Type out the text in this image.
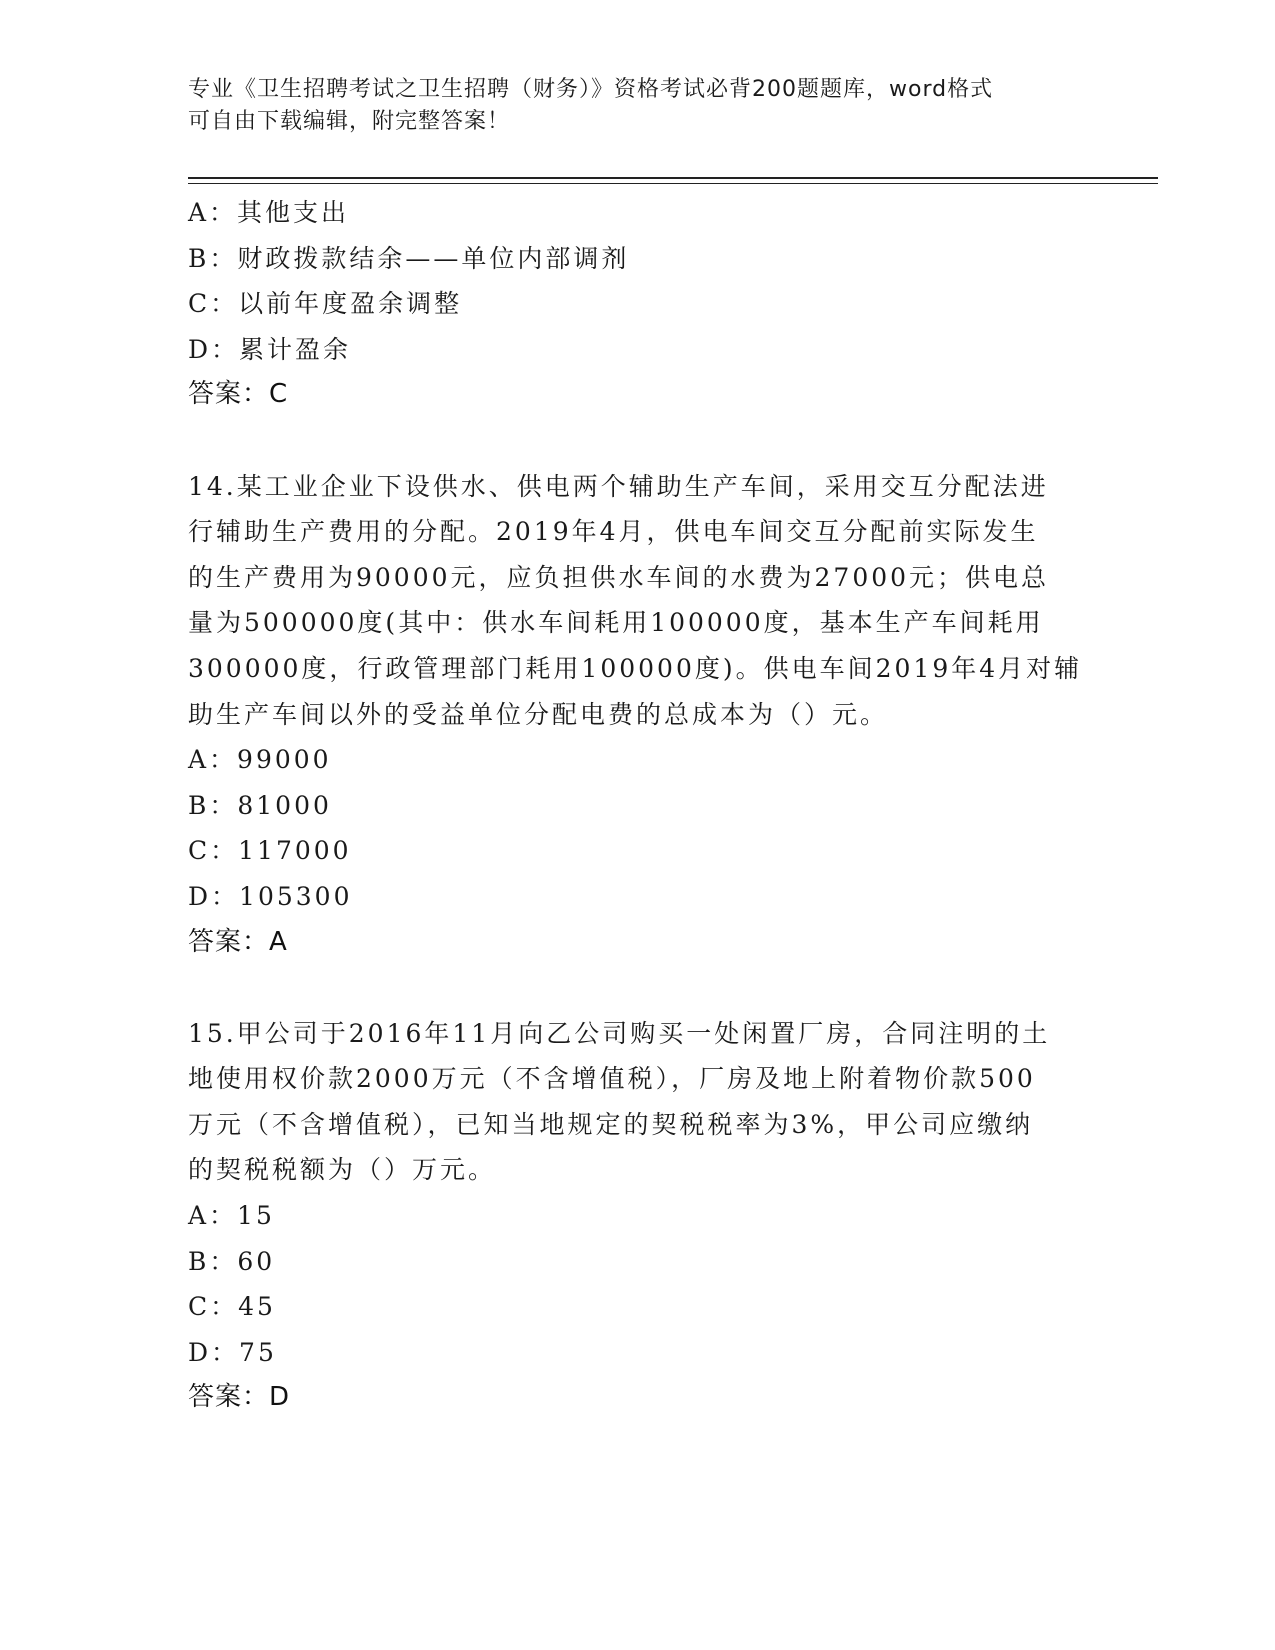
专业《卫生招聘考试之卫生招聘（财务）》资格考试必背200题题库，word格式
可自由下载编辑，附完整答案！
A：其他支出
B：财政拨款结余——单位内部调剂
C：以前年度盈余调整
D：累计盈余
答案：C
14.某工业企业下设供水、供电两个辅助生产车间，采用交互分配法进
行辅助生产费用的分配。2019年4月，供电车间交互分配前实际发生
的生产费用为90000元，应负担供水车间的水费为27000元；供电总
量为500000度(其中：供水车间耗用100000度，基本生产车间耗用
300000度，行政管理部门耗用100000度)。供电车间2019年4月对辅
助生产车间以外的受益单位分配电费的总成本为（）元。
A：99000
B：81000
C：117000
D：105300
答案：A
15.甲公司于2016年11月向乙公司购买一处闲置厂房，合同注明的土
地使用权价款2000万元（不含增值税），厂房及地上附着物价款500
万元（不含增值税），已知当地规定的契税税率为3%，甲公司应缴纳
的契税税额为（）万元。
A：15
B：60
C：45
D：75
答案：D
